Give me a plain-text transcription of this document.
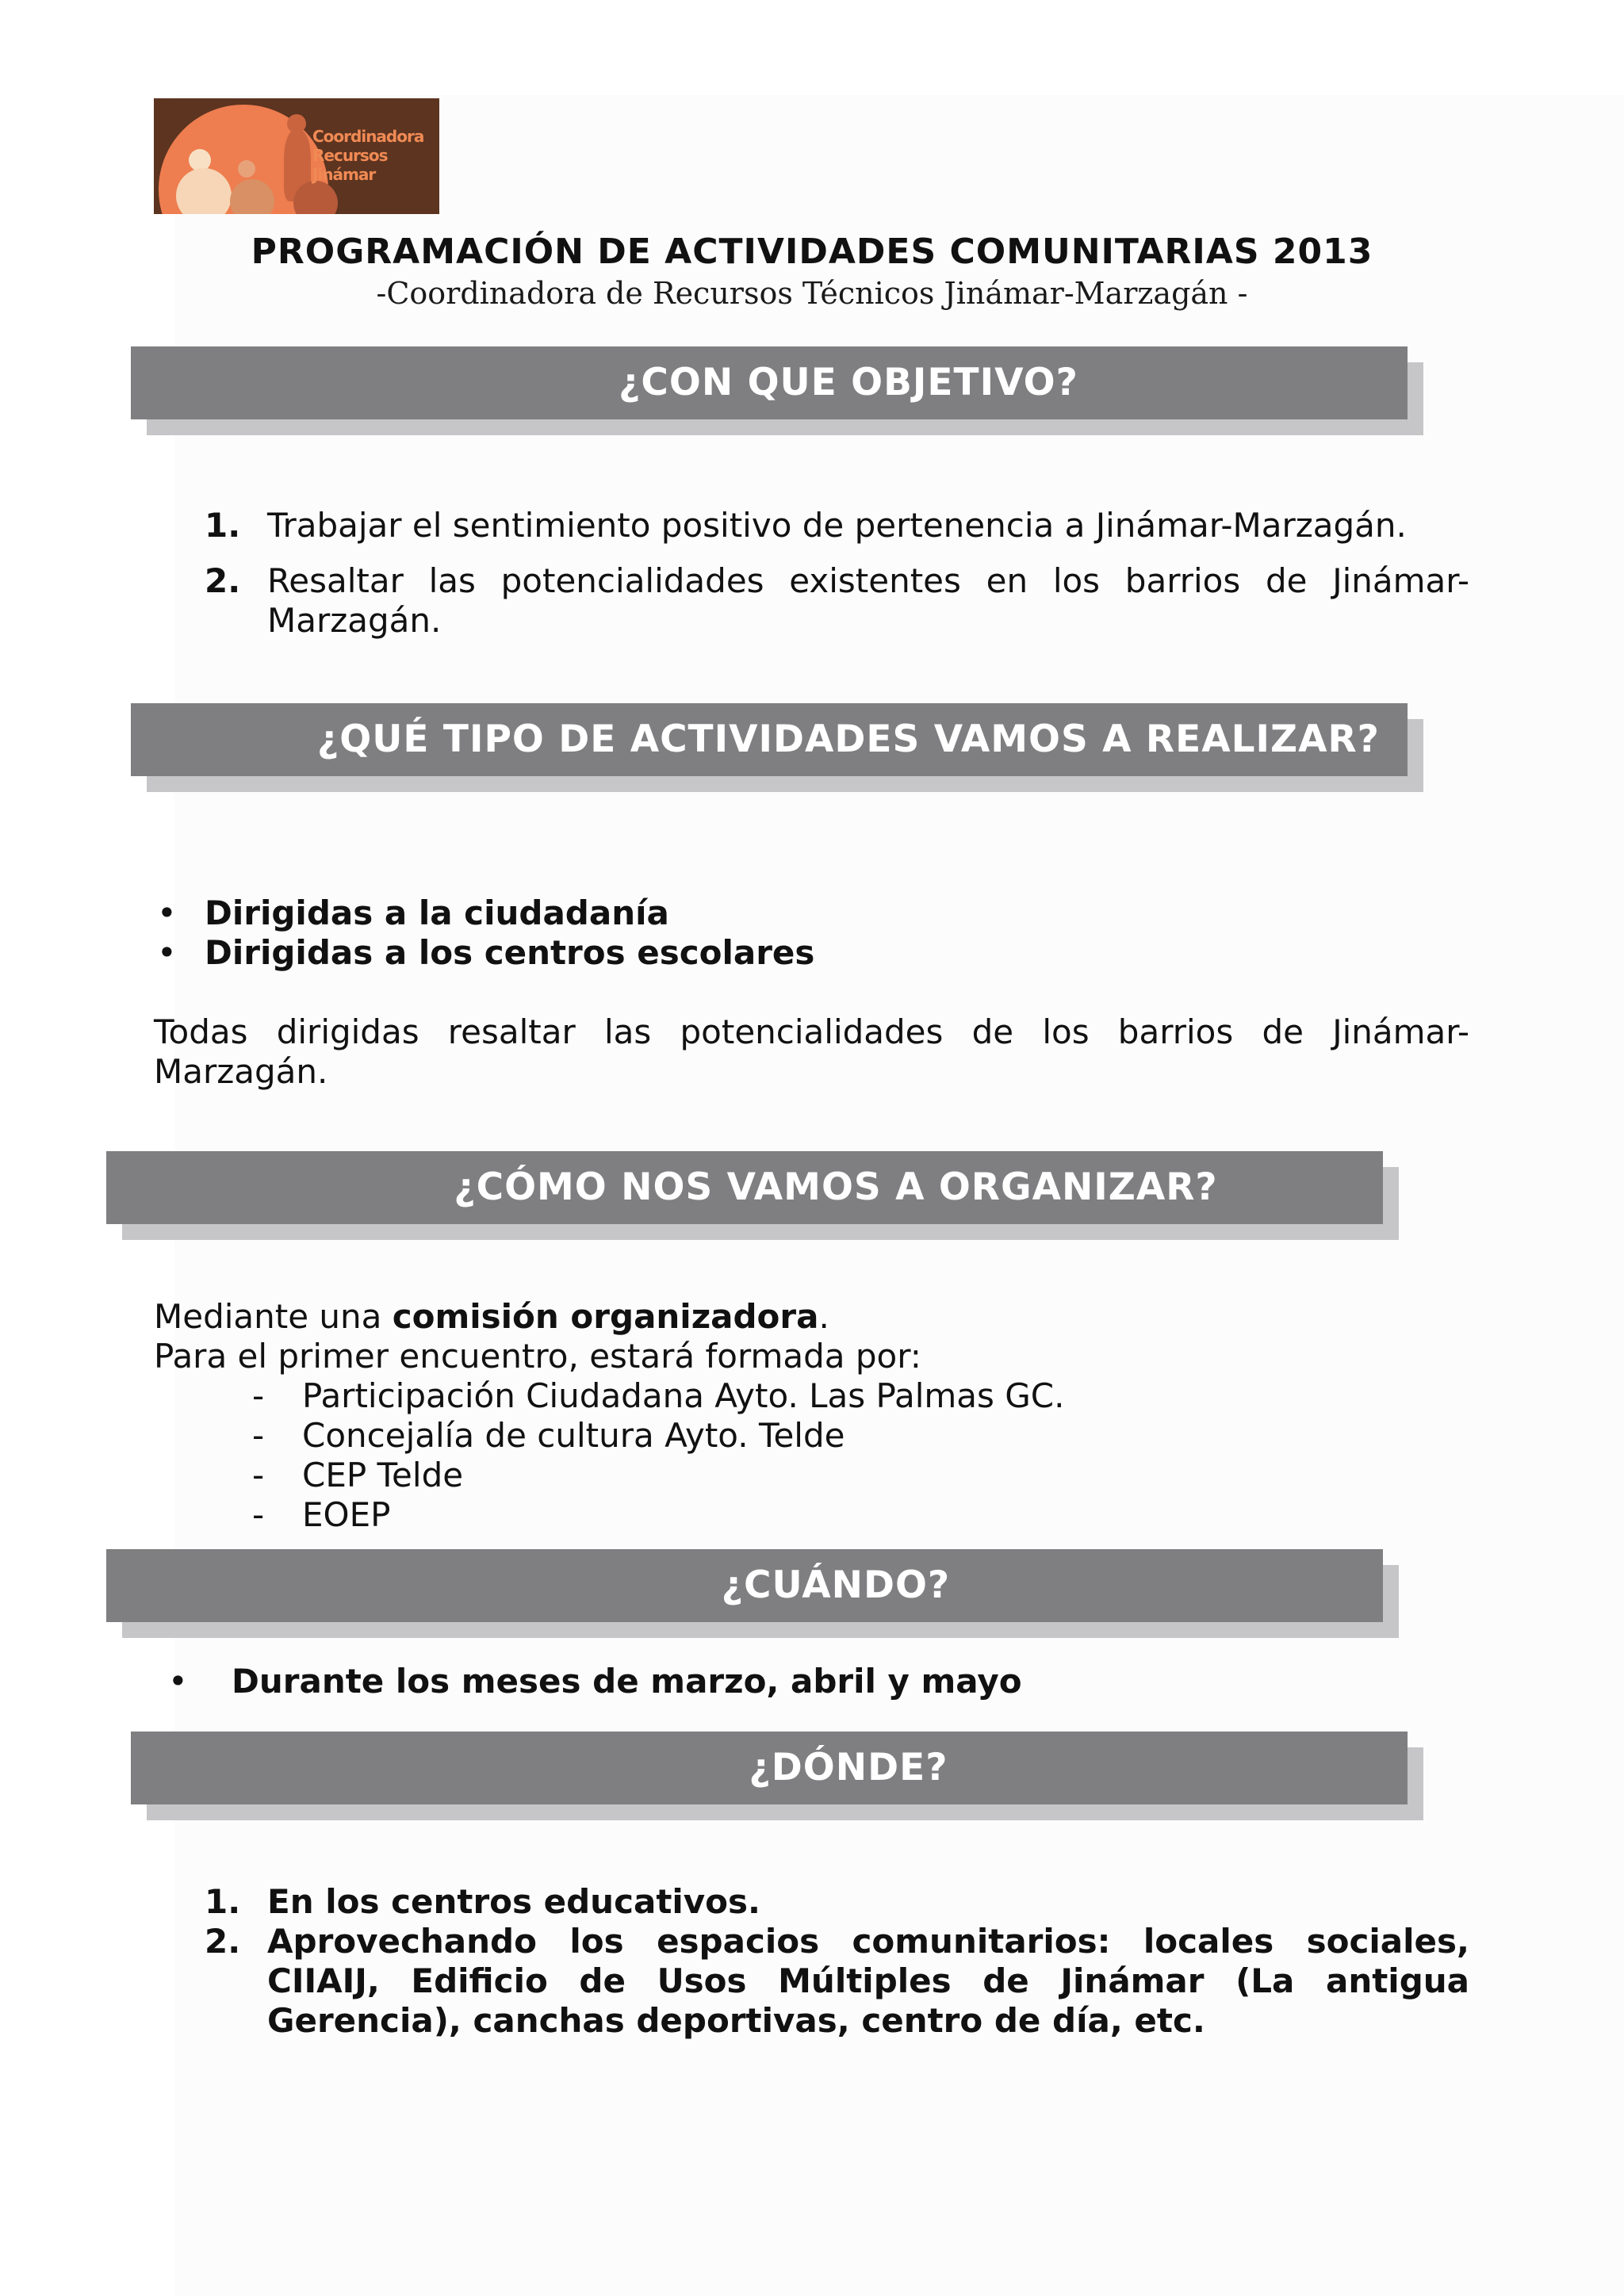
Coordinadora
Recursos
Jinámar
PROGRAMACIÓN DE ACTIVIDADES COMUNITARIAS 2013
-Coordinadora de Recursos Técnicos Jinámar-Marzagán -
¿CON QUE OBJETIVO?
1. Trabajar el sentimiento positivo de pertenencia a Jinámar-Marzagán.
2. Resaltar las potencialidades existentes en los barrios de Jinámar-
Marzagán.
¿QUÉ TIPO DE ACTIVIDADES VAMOS A REALIZAR?
• Dirigidas a la ciudadanía
• Dirigidas a los centros escolares
Todas dirigidas resaltar las potencialidades de los barrios de Jinámar-
Marzagán.
¿CÓMO NOS VAMOS A ORGANIZAR?
Mediante una comisión organizadora.
Para el primer encuentro, estará formada por:
- Participación Ciudadana Ayto. Las Palmas GC.
- Concejalía de cultura Ayto. Telde
- CEP Telde
- EOEP
¿CUÁNDO?
• Durante los meses de marzo, abril y mayo
¿DÓNDE?
1. En los centros educativos.
2. Aprovechando los espacios comunitarios: locales sociales,
CIIAIJ, Edificio de Usos Múltiples de Jinámar (La antigua
Gerencia), canchas deportivas, centro de día, etc.
